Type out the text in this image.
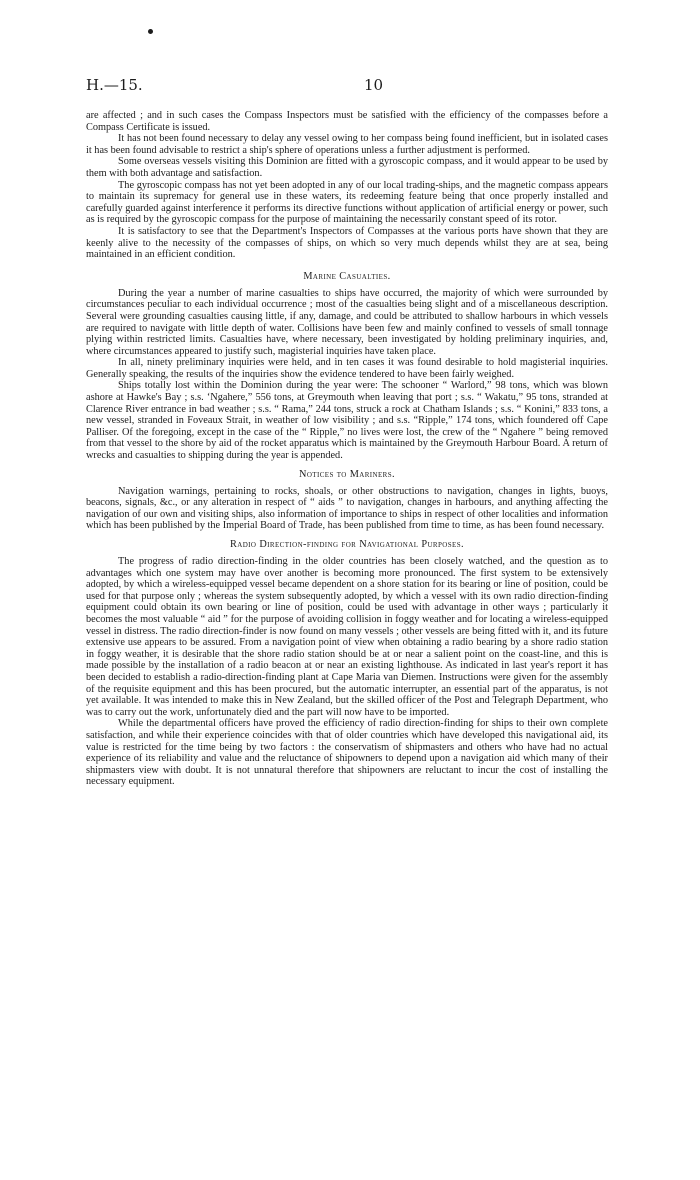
H.—15.	10

are affected ; and in such cases the Compass Inspectors must be satisfied with the efficiency of the compasses before a Compass Certificate is issued.

It has not been found necessary to delay any vessel owing to her compass being found inefficient, but in isolated cases it has been found advisable to restrict a ship's sphere of operations unless a further adjustment is performed.

Some overseas vessels visiting this Dominion are fitted with a gyroscopic compass, and it would appear to be used by them with both advantage and satisfaction.

The gyroscopic compass has not yet been adopted in any of our local trading-ships, and the magnetic compass appears to maintain its supremacy for general use in these waters, its redeeming feature being that once properly installed and carefully guarded against interference it performs its directive functions without application of artificial energy or power, such as is required by the gyroscopic compass for the purpose of maintaining the necessarily constant speed of its rotor.

It is satisfactory to see that the Department's Inspectors of Compasses at the various ports have shown that they are keenly alive to the necessity of the compasses of ships, on which so very much depends whilst they are at sea, being maintained in an efficient condition.

Marine Casualties.

During the year a number of marine casualties to ships have occurred, the majority of which were surrounded by circumstances peculiar to each individual occurrence ; most of the casualties being slight and of a miscellaneous description. Several were grounding casualties causing little, if any, damage, and could be attributed to shallow harbours in which vessels are required to navigate with little depth of water. Collisions have been few and mainly confined to vessels of small tonnage plying within restricted limits. Casualties have, where necessary, been investigated by holding preliminary inquiries, and, where circumstances appeared to justify such, magisterial inquiries have taken place.

In all, ninety preliminary inquiries were held, and in ten cases it was found desirable to hold magisterial inquiries. Generally speaking, the results of the inquiries show the evidence tendered to have been fairly weighed.

Ships totally lost within the Dominion during the year were: The schooner “ Warlord,” 98 tons, which was blown ashore at Hawke's Bay ; s.s. ‘Ngahere,” 556 tons, at Greymouth when leaving that port ; s.s. “ Wakatu,” 95 tons, stranded at Clarence River entrance in bad weather ; s.s. “ Rama,” 244 tons, struck a rock at Chatham Islands ; s.s. “ Konini,” 833 tons, a new vessel, stranded in Foveaux Strait, in weather of low visibility ; and s.s. “Ripple,” 174 tons, which foundered off Cape Palliser. Of the foregoing, except in the case of the “ Ripple,” no lives were lost, the crew of the “ Ngahere ” being removed from that vessel to the shore by aid of the rocket apparatus which is maintained by the Greymouth Harbour Board. A return of wrecks and casualties to shipping during the year is appended.

Notices to Mariners.

Navigation warnings, pertaining to rocks, shoals, or other obstructions to navigation, changes in lights, buoys, beacons, signals, &c., or any alteration in respect of “ aids ” to navigation, changes in harbours, and anything affecting the navigation of our own and visiting ships, also information of importance to ships in respect of other localities and information which has been published by the Imperial Board of Trade, has been published from time to time, as has been found necessary.

Radio Direction-finding for Navigational Purposes.

The progress of radio direction-finding in the older countries has been closely watched, and the question as to advantages which one system may have over another is becoming more pronounced. The first system to be extensively adopted, by which a wireless-equipped vessel became dependent on a shore station for its bearing or line of position, could be used for that purpose only ; whereas the system subsequently adopted, by which a vessel with its own radio direction-finding equipment could obtain its own bearing or line of position, could be used with advantage in other ways ; particularly it becomes the most valuable “ aid ” for the purpose of avoiding collision in foggy weather and for locating a wireless-equipped vessel in distress. The radio direction-finder is now found on many vessels ; other vessels are being fitted with it, and its future extensive use appears to be assured. From a navigation point of view when obtaining a radio bearing by a shore radio station in foggy weather, it is desirable that the shore radio station should be at or near a salient point on the coast-line, and this is made possible by the installation of a radio beacon at or near an existing lighthouse. As indicated in last year's report it has been decided to establish a radio-direction-finding plant at Cape Maria van Diemen. Instructions were given for the assembly of the requisite equipment and this has been procured, but the automatic interrupter, an essential part of the apparatus, is not yet available. It was intended to make this in New Zealand, but the skilled officer of the Post and Telegraph Department, who was to carry out the work, unfortunately died and the part will now have to be imported.

While the departmental officers have proved the efficiency of radio direction-finding for ships to their own complete satisfaction, and while their experience coincides with that of older countries which have developed this navigational aid, its value is restricted for the time being by two factors : the conservatism of shipmasters and others who have had no actual experience of its reliability and value and the reluctance of shipowners to depend upon a navigation aid which many of their shipmasters view with doubt. It is not unnatural therefore that shipowners are reluctant to incur the cost of installing the necessary equipment.
